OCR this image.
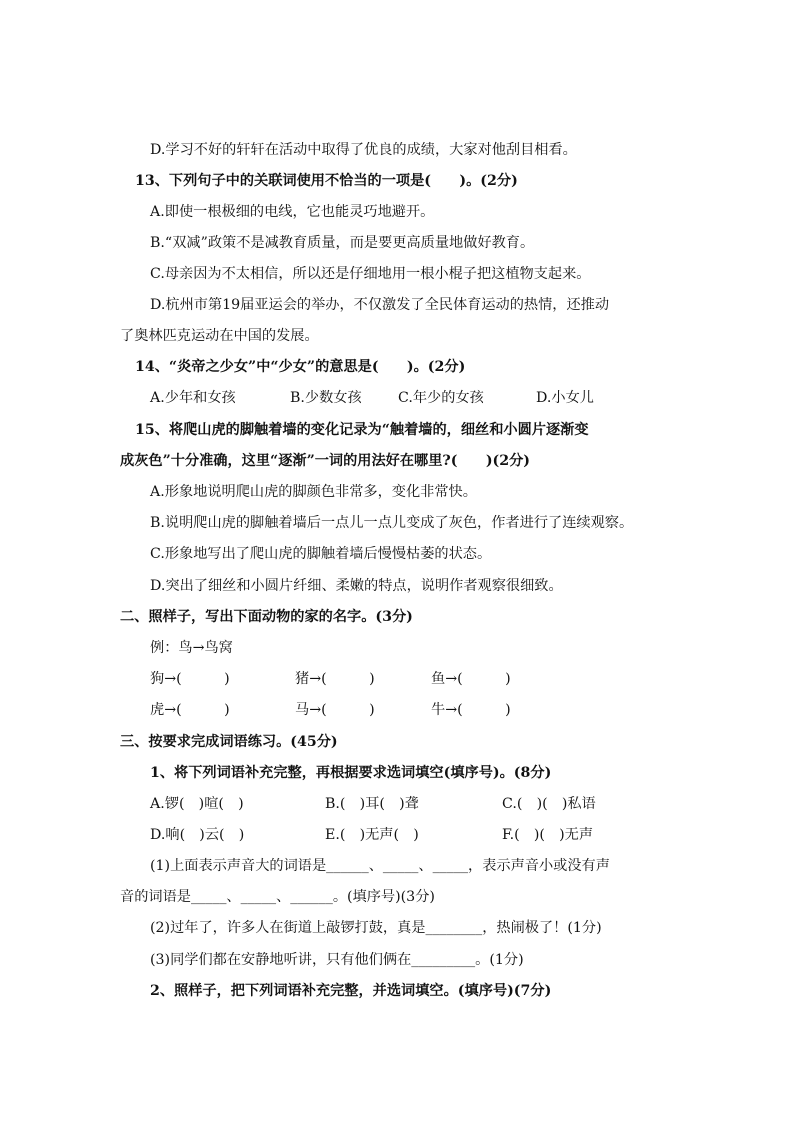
D.学习不好的轩轩在活动中取得了优良的成绩，大家对他刮目相看。
13、下列句子中的关联词使用不恰当的一项是(　　)。(2分)
A.即使一根极细的电线，它也能灵巧地避开。
B.“双减”政策不是减教育质量，而是要更高质量地做好教育。
C.母亲因为不太相信，所以还是仔细地用一根小棍子把这植物支起来。
D.杭州市第19届亚运会的举办，不仅激发了全民体育运动的热情，还推动
了奥林匹克运动在中国的发展。
14、“炎帝之少女”中“少女”的意思是(　　)。(2分)
A.少年和女孩	B.少数女孩	C.年少的女孩	D.小女儿
15、将爬山虎的脚触着墙的变化记录为“触着墙的，细丝和小圆片逐渐变
成灰色”十分准确，这里“逐渐”一词的用法好在哪里?(　　)(2分)
A.形象地说明爬山虎的脚颜色非常多，变化非常快。
B.说明爬山虎的脚触着墙后一点儿一点儿变成了灰色，作者进行了连续观察。
C.形象地写出了爬山虎的脚触着墙后慢慢枯萎的状态。
D.突出了细丝和小圆片纤细、柔嫩的特点，说明作者观察很细致。
二、照样子，写出下面动物的家的名字。(3分)
例：鸟→鸟窝
狗→(　　　)	猪→(　　　)	鱼→(　　　)
虎→(　　　)	马→(　　　)	牛→(　　　)
三、按要求完成词语练习。(45分)
1、将下列词语补充完整，再根据要求选词填空(填序号)。(8分)
A.锣(　)喧(　)	B.(　)耳(　)聋	C.(　)(　)私语
D.响(　)云(　)	E.(　)无声(　)	F.(　)(　)无声
(1)上面表示声音大的词语是______、_____、_____，表示声音小或没有声
音的词语是_____、_____、______。(填序号)(3分)
(2)过年了，许多人在街道上敲锣打鼓，真是________，热闹极了！(1分)
(3)同学们都在安静地听讲，只有他们俩在_________。(1分)
2、照样子，把下列词语补充完整，并选词填空。(填序号)(7分)
